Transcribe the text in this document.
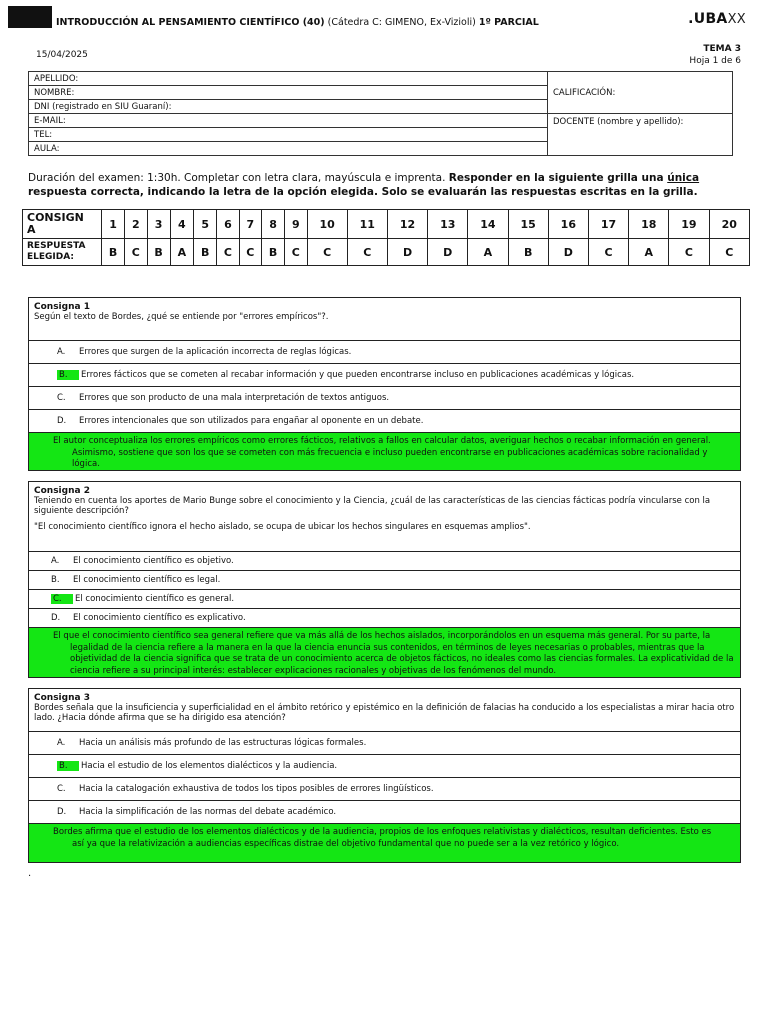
INTRODUCCIÓN AL PENSAMIENTO CIENTÍFICO (40) (Cátedra C: GIMENO, Ex-Vizioli) 1º PARCIAL	.UBAXX
15/04/2025
TEMA 3
Hoja 1 de 6
APELLIDO:	CALIFICACIÓN:
NOMBRE:	
DNI (registrado en SIU Guaraní):	
E-MAIL:	DOCENTE (nombre y apellido):
TEL:	
AULA:	
Duración del examen: 1:30h. Completar con letra clara, mayúscula e imprenta. Responder en la siguiente grilla una única respuesta correcta, indicando la letra de la opción elegida. Solo se evaluarán las respuestas escritas en la grilla.
CONSIGN
A	1	2	3	4	5	6	7	8	9	10	11	12	13	14	15	16	17	18	19	20
RESPUESTA
ELEGIDA:	B	C	B	A	B	C	C	B	C	C	C	D	D	A	B	D	C	A	C	C
Consigna 1
Según el texto de Bordes, ¿qué se entiende por "errores empíricos"?.
A.	Errores que surgen de la aplicación incorrecta de reglas lógicas.
B.	Errores fácticos que se cometen al recabar información y que pueden encontrarse incluso en publicaciones académicas y lógicas.
C.	Errores que son producto de una mala interpretación de textos antiguos.
D.	Errores intencionales que son utilizados para engañar al oponente en un debate.
El autor conceptualiza los errores empíricos como errores fácticos, relativos a fallos en calcular datos, averiguar hechos o recabar información en general.
Asimismo, sostiene que son los que se cometen con más frecuencia e incluso pueden encontrarse en publicaciones académicas sobre racionalidad y lógica.
Consigna 2
Teniendo en cuenta los aportes de Mario Bunge sobre el conocimiento y la Ciencia, ¿cuál de las características de las ciencias fácticas podría vincularse con la siguiente descripción?
"El conocimiento científico ignora el hecho aislado, se ocupa de ubicar los hechos singulares en esquemas amplios".
A.	El conocimiento científico es objetivo.
B.	El conocimiento científico es legal.
C.	El conocimiento científico es general.
D.	El conocimiento científico es explicativo.
El que el conocimiento científico sea general refiere que va más allá de los hechos aislados, incorporándolos en un esquema más general. Por su parte, la
legalidad de la ciencia refiere a la manera en la que la ciencia enuncia sus contenidos, en términos de leyes necesarias o probables, mientras que la objetividad de la ciencia significa que se trata de un conocimiento acerca de objetos fácticos, no ideales como las ciencias formales. La explicatividad de la ciencia refiere a su principal interés: establecer explicaciones racionales y objetivas de los fenómenos del mundo.
Consigna 3
Bordes señala que la insuficiencia y superficialidad en el ámbito retórico y epistémico en la definición de falacias ha conducido a los especialistas a mirar hacia otro lado. ¿Hacia dónde afirma que se ha dirigido esa atención?
A.	Hacia un análisis más profundo de las estructuras lógicas formales.
B.	Hacia el estudio de los elementos dialécticos y la audiencia.
C.	Hacia la catalogación exhaustiva de todos los tipos posibles de errores lingüísticos.
D.	Hacia la simplificación de las normas del debate académico.
Bordes afirma que el estudio de los elementos dialécticos y de la audiencia, propios de los enfoques relativistas y dialécticos, resultan deficientes. Esto es
así ya que la relativización a audiencias específicas distrae del objetivo fundamental que no puede ser a la vez retórico y lógico.
.
